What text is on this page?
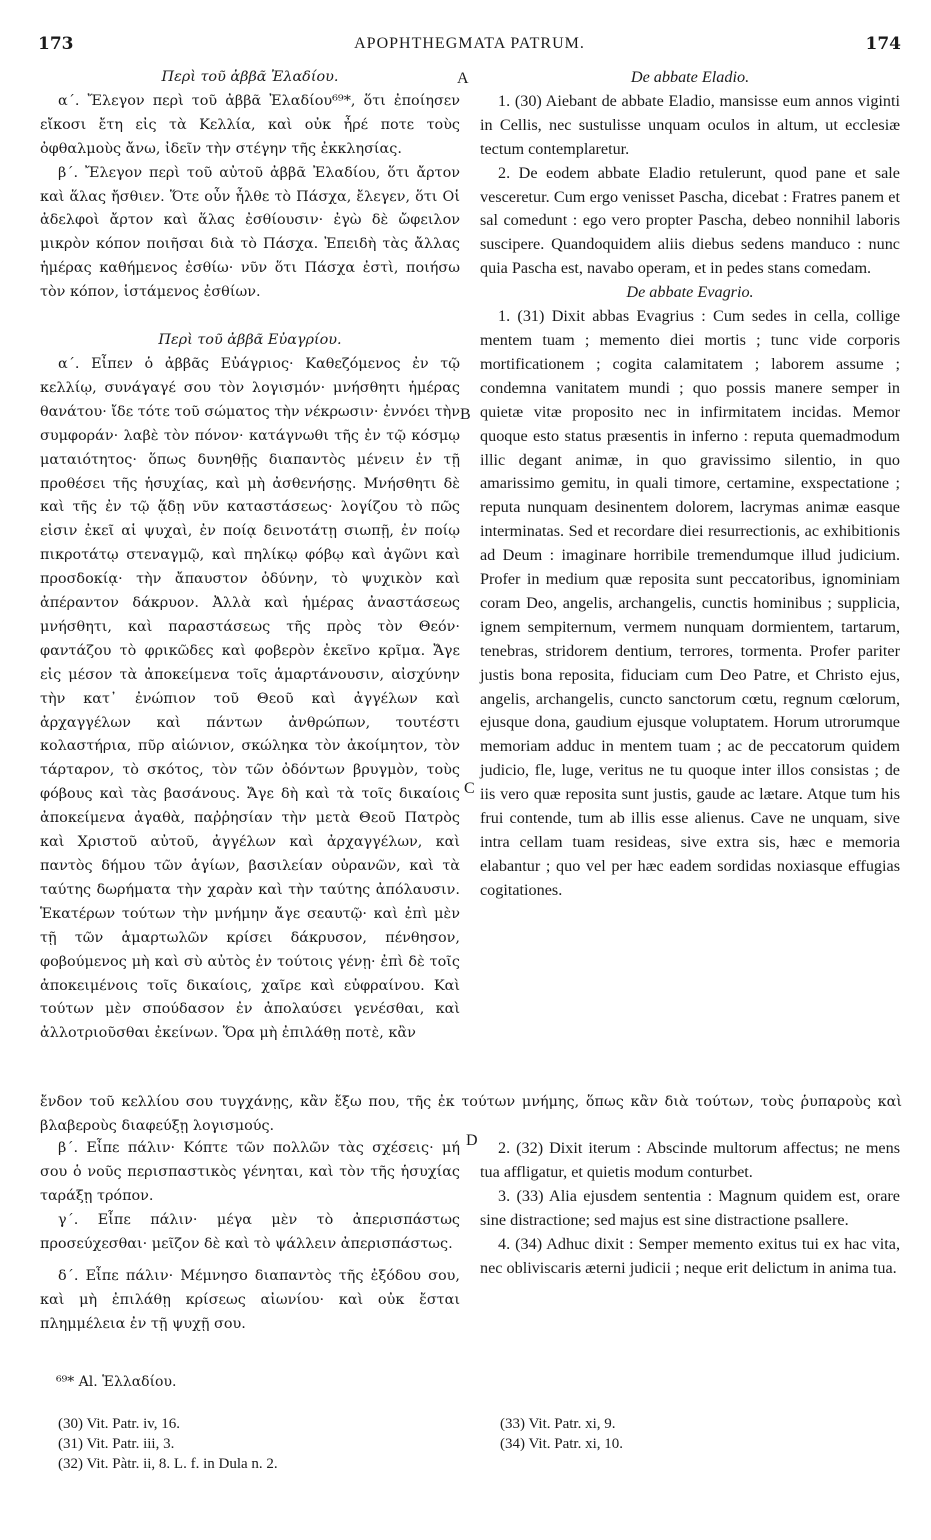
173	APOPHTHEGMATA PATRUM.	174
A
B
C
D

Περὶ τοῦ ἀββᾶ Ἐλαδίου.

α΄. Ἔλεγον περὶ τοῦ ἀββᾶ Ἐλαδίου⁶⁹*, ὅτι ἐποίησεν εἴκοσι ἔτη εἰς τὰ Κελλία, καὶ οὐκ ἦρέ ποτε τοὺς ὀφθαλμοὺς ἄνω, ἰδεῖν τὴν στέγην τῆς ἐκκλησίας.

β΄. Ἔλεγον περὶ τοῦ αὐτοῦ ἀββᾶ Ἐλαδίου, ὅτι ἄρτον καὶ ἅλας ἤσθιεν. Ὅτε οὖν ἦλθε τὸ Πάσχα, ἔλεγεν, ὅτι Οἱ ἀδελφοὶ ἄρτον καὶ ἅλας ἐσθίουσιν· ἐγὼ δὲ ὤφειλον μικρὸν κόπον ποιῆσαι διὰ τὸ Πάσχα. Ἐπειδὴ τὰς ἄλλας ἡμέρας καθήμενος ἐσθίω· νῦν ὅτι Πάσχα ἐστὶ, ποιήσω τὸν κόπον, ἱστάμενος ἐσθίων.

Περὶ τοῦ ἀββᾶ Εὐαγρίου.

α΄. Εἶπεν ὁ ἀββᾶς Εὐάγριος· Καθεζόμενος ἐν τῷ κελλίῳ, συνάγαγέ σου τὸν λογισμόν· μνήσθητι ἡμέρας θανάτου· ἴδε τότε τοῦ σώματος τὴν νέκρωσιν· ἐννόει τὴν συμφοράν· λαβὲ τὸν πόνον· κατάγνωθι τῆς ἐν τῷ κόσμῳ ματαιότητος· ὅπως δυνηθῇς διαπαντὸς μένειν ἐν τῇ προθέσει τῆς ἡσυχίας, καὶ μὴ ἀσθενήσῃς. Μνήσθητι δὲ καὶ τῆς ἐν τῷ ᾅδῃ νῦν καταστάσεως· λογίζου τὸ πῶς εἰσιν ἐκεῖ αἱ ψυχαὶ, ἐν ποίᾳ δεινοτάτῃ σιωπῇ, ἐν ποίῳ πικροτάτῳ στεναγμῷ, καὶ πηλίκῳ φόβῳ καὶ ἀγῶνι καὶ προσδοκίᾳ· τὴν ἄπαυστον ὀδύνην, τὸ ψυχικὸν καὶ ἀπέραντον δάκρυον. Ἀλλὰ καὶ ἡμέρας ἀναστάσεως μνήσθητι, καὶ παραστάσεως τῆς πρὸς τὸν Θεόν· φαντάζου τὸ φρικῶδες καὶ φοβερὸν ἐκεῖνο κρῖμα. Ἄγε εἰς μέσον τὰ ἀποκείμενα τοῖς ἁμαρτάνουσιν, αἰσχύνην τὴν κατ᾽ ἐνώπιον τοῦ Θεοῦ καὶ ἀγγέλων καὶ ἀρχαγγέλων καὶ πάντων ἀνθρώπων, τουτέστι κολαστήρια, πῦρ αἰώνιον, σκώληκα τὸν ἀκοίμητον, τὸν τάρταρον, τὸ σκότος, τὸν τῶν ὀδόντων βρυγμὸν, τοὺς φόβους καὶ τὰς βασάνους. Ἄγε δὴ καὶ τὰ τοῖς δικαίοις ἀποκείμενα ἀγαθὰ, παῤῥησίαν τὴν μετὰ Θεοῦ Πατρὸς καὶ Χριστοῦ αὐτοῦ, ἀγγέλων καὶ ἀρχαγγέλων, καὶ παντὸς δήμου τῶν ἁγίων, βασιλείαν οὐρανῶν, καὶ τὰ ταύτης δωρήματα τὴν χαρὰν καὶ τὴν ταύτης ἀπόλαυσιν. Ἑκατέρων τούτων τὴν μνήμην ἄγε σεαυτῷ· καὶ ἐπὶ μὲν τῇ τῶν ἁμαρτωλῶν κρίσει δάκρυσον, πένθησον, φοβούμενος μὴ καὶ σὺ αὐτὸς ἐν τούτοις γένῃ· ἐπὶ δὲ τοῖς ἀποκειμένοις τοῖς δικαίοις, χαῖρε καὶ εὐφραίνου. Καὶ τούτων μὲν σπούδασον ἐν ἀπολαύσει γενέσθαι, καὶ ἀλλοτριοῦσθαι ἐκείνων. Ὅρα μὴ ἐπιλάθῃ ποτὲ, κἂν

De abbate Eladio.

1. (30) Aiebant de abbate Eladio, mansisse eum annos viginti in Cellis, nec sustulisse unquam oculos in altum, ut ecclesiæ tectum contemplaretur.

2. De eodem abbate Eladio retulerunt, quod pane et sale vesceretur. Cum ergo venisset Pascha, dicebat : Fratres panem et sal comedunt : ego vero propter Pascha, debeo nonnihil laboris suscipere. Quandoquidem aliis diebus sedens manduco : nunc quia Pascha est, navabo operam, et in pedes stans comedam.

De abbate Evagrio.

1. (31) Dixit abbas Evagrius : Cum sedes in cella, collige mentem tuam ; memento diei mortis ; tunc vide corporis mortificationem ; cogita calamitatem ; laborem assume ; condemna vanitatem mundi ; quo possis manere semper in quietæ vitæ proposito nec in infirmitatem incidas. Memor quoque esto status præsentis in inferno : reputa quemadmodum illic degant animæ, in quo gravissimo silentio, in quo amarissimo gemitu, in quali timore, certamine, exspectatione ; reputa nunquam desinentem dolorem, lacrymas animæ easque interminatas. Sed et recordare diei resurrectionis, ac exhibitionis ad Deum : imaginare horribile tremendumque illud judicium. Profer in medium quæ reposita sunt peccatoribus, ignominiam coram Deo, angelis, archangelis, cunctis hominibus ; supplicia, ignem sempiternum, vermem nunquam dormientem, tartarum, tenebras, stridorem dentium, terrores, tormenta. Profer pariter justis bona reposita, fiduciam cum Deo Patre, et Christo ejus, angelis, archangelis, cuncto sanctorum cœtu, regnum cœlorum, ejusque dona, gaudium ejusque voluptatem. Horum utrorumque memoriam adduc in mentem tuam ; ac de peccatorum quidem judicio, fle, luge, veritus ne tu quoque inter illos consistas ; de iis vero quæ reposita sunt justis, gaude ac lætare. Atque tum his frui contende, tum ab illis esse alienus. Cave ne unquam, sive intra cellam tuam resideas, sive extra sis, hæc e memoria elabantur ; quo vel per hæc eadem sordidas noxiasque effugias cogitationes.

ἔνδον τοῦ κελλίου σου τυγχάνῃς, κἂν ἔξω που, τῆς ἐκ τούτων μνήμης, ὅπως κἂν διὰ τούτων, τοὺς ῥυπαροὺς καὶ βλαβεροὺς διαφεύξῃ λογισμούς.

β΄. Εἶπε πάλιν· Κόπτε τῶν πολλῶν τὰς σχέσεις· μή σου ὁ νοῦς περισπαστικὸς γένηται, καὶ τὸν τῆς ἡσυχίας ταράξῃ τρόπον.

γ΄. Εἶπε πάλιν· μέγα μὲν τὸ ἀπερισπάστως προσεύχεσθαι· μεῖζον δὲ καὶ τὸ ψάλλειν ἀπερισπάστως.

δ΄. Εἶπε πάλιν· Μέμνησο διαπαντὸς τῆς ἐξόδου σου, καὶ μὴ ἐπιλάθῃ κρίσεως αἰωνίου· καὶ οὐκ ἔσται πλημμέλεια ἐν τῇ ψυχῇ σου.

2. (32) Dixit iterum : Abscinde multorum affectus; ne mens tua affligatur, et quietis modum conturbet.

3. (33) Alia ejusdem sententia : Magnum quidem est, orare sine distractione; sed majus est sine distractione psallere.

4. (34) Adhuc dixit : Semper memento exitus tui ex hac vita, nec obliviscaris æterni judicii ; neque erit delictum in anima tua.

⁶⁹* Al. Ἑλλαδίου.
(30) Vit. Patr. iv, 16.
(31) Vit. Patr. iii, 3.
(32) Vit. Pàtr. ii, 8. L. f. in Dula n. 2.
(33) Vit. Patr. xi, 9.
(34) Vit. Patr. xi, 10.
